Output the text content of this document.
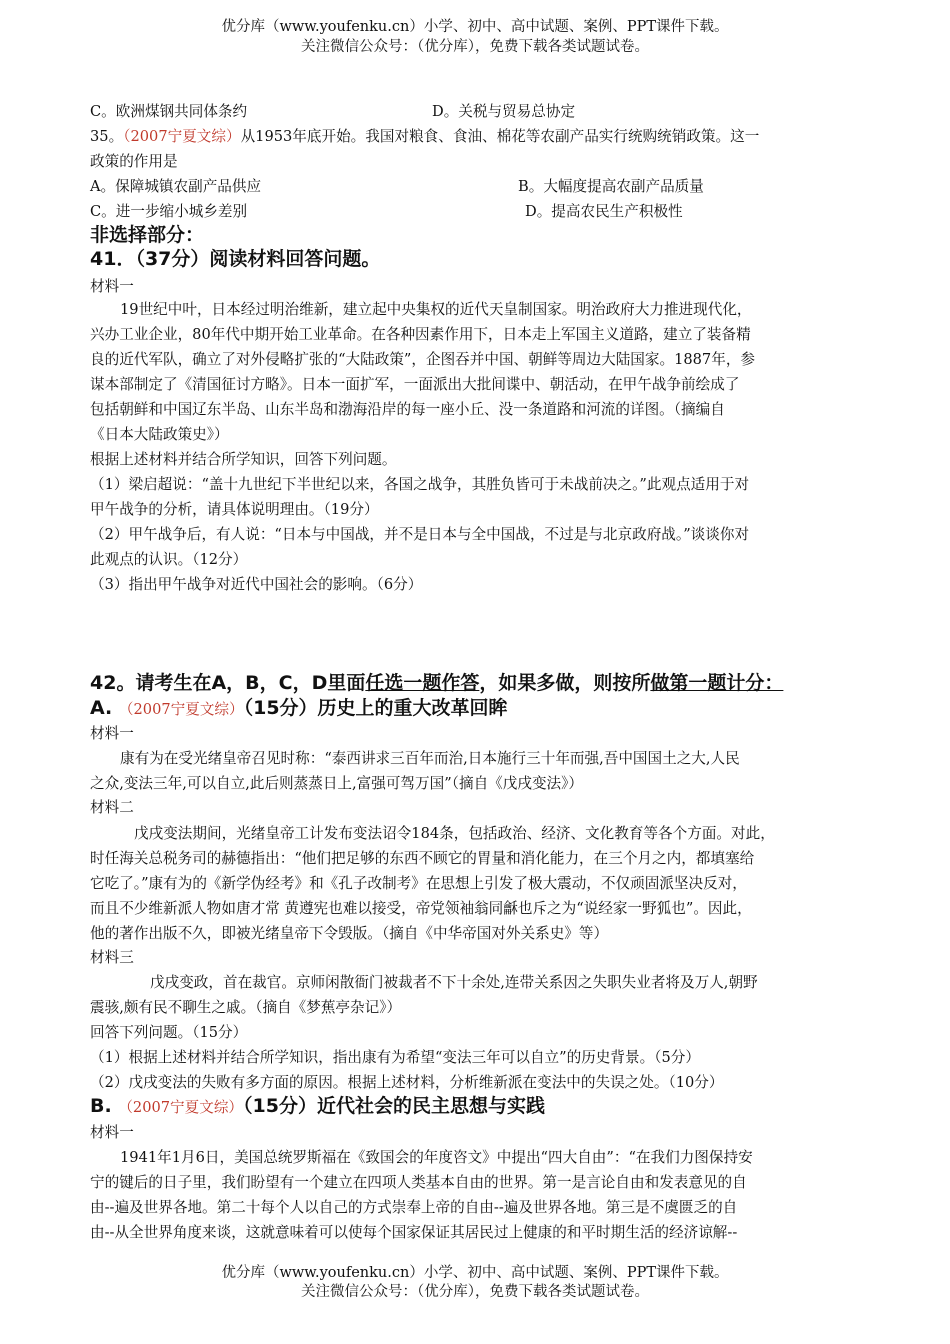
优分库（www.youfenku.cn）小学、初中、高中试题、案例、PPT课件下载。
关注微信公众号：（优分库），免费下载各类试题试卷。
C。欧洲煤钢共同体条约	D。关税与贸易总协定
35。（2007宁夏文综）从1953年底开始。我国对粮食、食油、棉花等农副产品实行统购统销政策。这一
政策的作用是
A。保障城镇农副产品供应	B。大幅度提高农副产品质量
C。进一步缩小城乡差别	D。提高农民生产积极性
非选择部分：
41．（37分）阅读材料回答问题。
材料一
19世纪中叶，日本经过明治维新，建立起中央集权的近代天皇制国家。明治政府大力推进现代化，
兴办工业企业，80年代中期开始工业革命。在各种因素作用下，日本走上军国主义道路，建立了装备精
良的近代军队，确立了对外侵略扩张的“大陆政策”，企图吞并中国、朝鲜等周边大陆国家。1887年，参
谋本部制定了《清国征讨方略》。日本一面扩军，一面派出大批间谍中、朝活动，在甲午战争前绘成了
包括朝鲜和中国辽东半岛、山东半岛和渤海沿岸的每一座小丘、没一条道路和河流的详图。（摘编自
《日本大陆政策史》）
根据上述材料并结合所学知识，回答下列问题。
（1）梁启超说：“盖十九世纪下半世纪以来，各国之战争，其胜负皆可于未战前决之。”此观点适用于对
甲午战争的分析，请具体说明理由。（19分）
（2）甲午战争后，有人说：“日本与中国战，并不是日本与全中国战，不过是与北京政府战。”谈谈你对
此观点的认识。（12分）
（3）指出甲午战争对近代中国社会的影响。（6分）
42。请考生在A，B，C，D里面任选一题作答，如果多做，则按所做第一题计分：
A. （2007宁夏文综）（15分）历史上的重大改革回眸
材料一
康有为在受光绪皇帝召见时称：“泰西讲求三百年而治,日本施行三十年而强,吾中国国土之大,人民
之众,变法三年,可以自立,此后则蒸蒸日上,富强可驾万国”（摘自《戊戌变法》）
材料二
戊戌变法期间，光绪皇帝工计发布变法诏令184条，包括政治、经济、文化教育等各个方面。对此，
时任海关总税务司的赫德指出：“他们把足够的东西不顾它的胃量和消化能力，在三个月之内，都填塞给
它吃了。”康有为的《新学伪经考》和《孔子改制考》在思想上引发了极大震动，不仅顽固派坚决反对，
而且不少维新派人物如唐才常 黄遵宪也难以接受，帝党领袖翁同龢也斥之为“说经家一野狐也”。因此，
他的著作出版不久，即被光绪皇帝下令毁版。（摘自《中华帝国对外关系史》等）
材料三
戊戌变政，首在裁官。京师闲散衙门被裁者不下十余处,连带关系因之失职失业者将及万人,朝野
震骇,颇有民不聊生之戚。（摘自《梦蕉亭杂记》）
回答下列问题。（15分）
（1）根据上述材料并结合所学知识，指出康有为希望“变法三年可以自立”的历史背景。（5分）
（2）戊戌变法的失败有多方面的原因。根据上述材料，分析维新派在变法中的失误之处。（10分）
B. （2007宁夏文综）（15分）近代社会的民主思想与实践
材料一
1941年1月6日，美国总统罗斯福在《致国会的年度咨文》中提出“四大自由”：“在我们力图保持安
宁的键后的日子里，我们盼望有一个建立在四项人类基本自由的世界。第一是言论自由和发表意见的自
由--遍及世界各地。第二十每个人以自己的方式崇奉上帝的自由--遍及世界各地。第三是不虞匮乏的自
由--从全世界角度来谈，这就意味着可以使每个国家保证其居民过上健康的和平时期生活的经济谅解--
优分库（www.youfenku.cn）小学、初中、高中试题、案例、PPT课件下载。
关注微信公众号：（优分库），免费下载各类试题试卷。
